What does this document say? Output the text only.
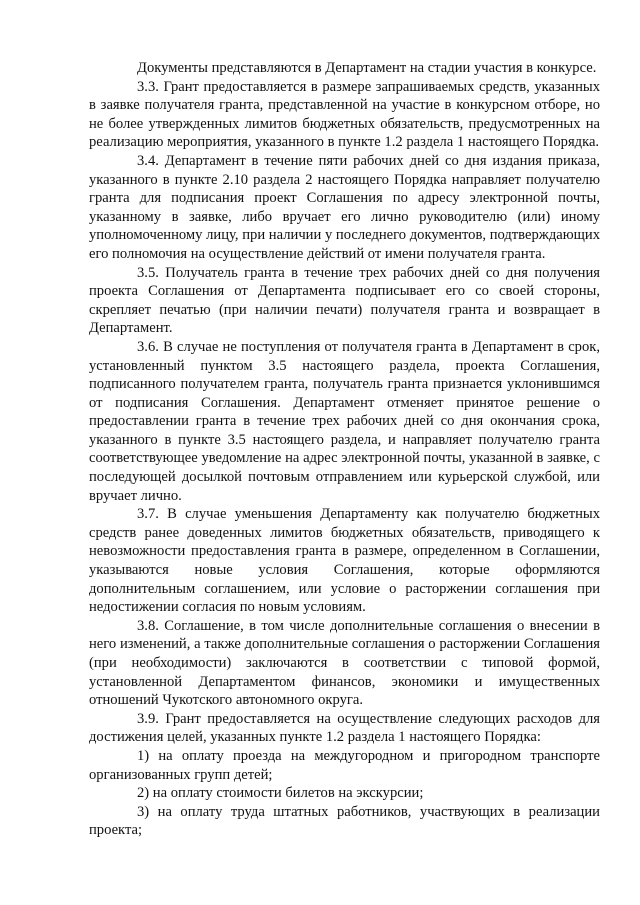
Документы представляются в Департамент на стадии участия в конкурсе.

3.3. Грант предоставляется в размере запрашиваемых средств, указанных в заявке получателя гранта, представленной на участие в конкурсном отборе, но не более утвержденных лимитов бюджетных обязательств, предусмотренных на реализацию мероприятия, указанного в пункте 1.2 раздела 1 настоящего Порядка.

3.4. Департамент в течение пяти рабочих дней со дня издания приказа, указанного в пункте 2.10 раздела 2 настоящего Порядка направляет получателю гранта для подписания проект Соглашения по адресу электронной почты, указанному в заявке, либо вручает его лично руководителю (или) иному уполномоченному лицу, при наличии у последнего документов, подтверждающих его полномочия на осуществление действий от имени получателя гранта.

3.5. Получатель гранта в течение трех рабочих дней со дня получения проекта Соглашения от Департамента подписывает его со своей стороны, скрепляет печатью (при наличии печати) получателя гранта и возвращает в Департамент.

3.6. В случае не поступления от получателя гранта в Департамент в срок, установленный пунктом 3.5 настоящего раздела, проекта Соглашения, подписанного получателем гранта, получатель гранта признается уклонившимся от подписания Соглашения. Департамент отменяет принятое решение о предоставлении гранта в течение трех рабочих дней со дня окончания срока, указанного в пункте 3.5 настоящего раздела, и направляет получателю гранта соответствующее уведомление на адрес электронной почты, указанной в заявке, с последующей досылкой почтовым отправлением или курьерской службой, или вручает лично.

3.7. В случае уменьшения Департаменту как получателю бюджетных средств ранее доведенных лимитов бюджетных обязательств, приводящего к невозможности предоставления гранта в размере, определенном в Соглашении, указываются новые условия Соглашения, которые оформляются дополнительным соглашением, или условие о расторжении соглашения при недостижении согласия по новым условиям.

3.8. Соглашение, в том числе дополнительные соглашения о внесении в него изменений, а также дополнительные соглашения о расторжении Соглашения (при необходимости) заключаются в соответствии с типовой формой, установленной Департаментом финансов, экономики и имущественных отношений Чукотского автономного округа.

3.9. Грант предоставляется на осуществление следующих расходов для достижения целей, указанных пункте 1.2 раздела 1 настоящего Порядка:

1) на оплату проезда на междугородном и пригородном транспорте организованных групп детей;

2) на оплату стоимости билетов на экскурсии;

3) на оплату труда штатных работников, участвующих в реализации проекта;
